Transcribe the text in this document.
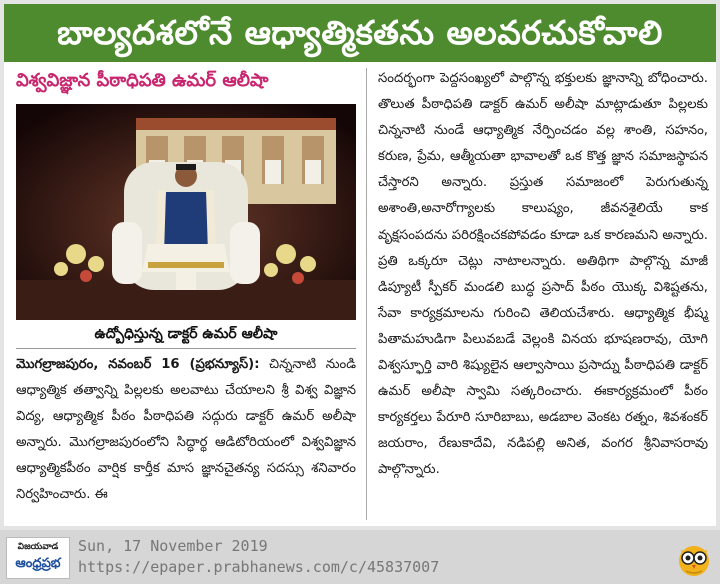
బాల్యదశలోనే ఆధ్యాత్మికతను అలవరచుకోవాలి
విశ్వవిజ్ఞాన పీఠాధిపతి ఉమర్ ఆలీషా
ఉద్బోధిస్తున్న డాక్టర్ ఉమర్ ఆలీషా

మొగల్రాజపురం, నవంబర్ 16 (ప్రభన్యూస్): చిన్ననాటి నుండి ఆధ్యాత్మిక తత్వాన్ని పిల్లలకు అలవాటు చేయాలని శ్రీ విశ్వ విజ్ఞాన విద్య, ఆధ్యాత్మిక పీఠం పీఠాధిపతి సద్గురు డాక్టర్ ఉమర్ అలీషా అన్నారు. మొగల్రాజపురంలోని సిద్ధార్థ ఆడిటోరియంలో విశ్వవిజ్ఞాన ఆధ్యాత్మికపీఠం వార్షిక కార్తీక మాస జ్ఞానచైతన్య సదస్సు శనివారం నిర్వహించారు. ఈ

సందర్భంగా పెద్దసంఖ్యలో పాల్గొన్న భక్తులకు జ్ఞానాన్ని బోధించారు. తొలుత పీఠాధిపతి డాక్టర్ ఉమర్ అలీషా మాట్లాడుతూ పిల్లలకు చిన్ననాటి నుండే ఆధ్యాత్మిక నేర్పించడం వల్ల శాంతి, సహనం, కరుణ, ప్రేమ, ఆత్మీయతా భావాలతో ఒక కొత్త జ్ఞాన సమాజస్థాపన చేస్తారని అన్నారు. ప్రస్తుత సమాజంలో పెరుగుతున్న అశాంతి,అనారోగ్యాలకు కాలుష్యం, జీవనశైలియే కాక వృక్షసంపదను పరిరక్షించకపోవడం కూడా ఒక కారణమని అన్నారు. ప్రతి ఒక్కరూ చెట్లు నాటాలన్నారు. అతిథిగా పాల్గొన్న మాజీ డిప్యూటీ స్పీకర్ మండలి బుద్ధ ప్రసాద్ పీఠం యొక్క విశిష్టతను, సేవా కార్యక్రమాలను గురించి తెలియచేశారు. ఆధ్యాత్మిక భీష్మ పితామహుడిగా పిలువబడే వెల్లంకి వినయ భూషణరావు, యోగి విశ్వస్ఫూర్తి వారి శిష్యులైన ఆల్వాసాయి ప్రసాద్ను పీఠాధిపతి డాక్టర్ ఉమర్ అలీషా స్వామి సత్కరించారు. ఈకార్యక్రమంలో పీఠం కార్యకర్తలు పేరూరి సూరిబాబు, అడబాల వెంకట రత్నం, శివశంకర్ జయరాం, రేణుకాదేవి, నడిపల్లి అనిత, వంగర శ్రీనివాసరావు పాల్గొన్నారు.

విజయవాడ
ఆంధ్రప్రభ
Sun, 17 November 2019
https://epaper.prabhanews.com/c/45837007
